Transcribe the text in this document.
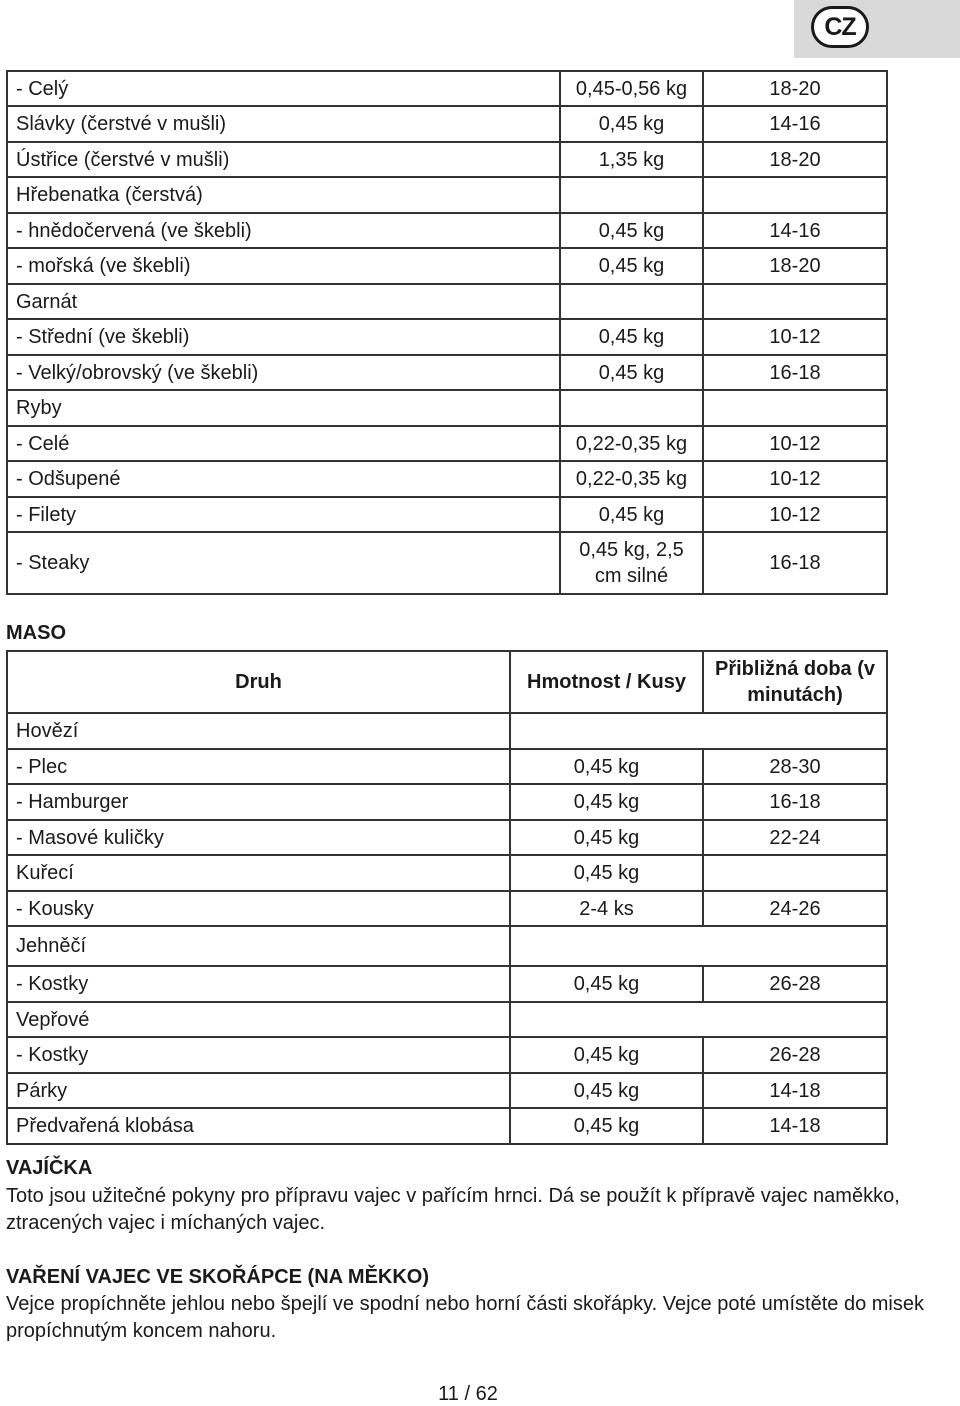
CZ
- Celý	0,45-0,56 kg	18-20
Slávky (čerstvé v mušli)	0,45 kg	14-16
Ústřice (čerstvé v mušli)	1,35 kg	18-20
Hřebenatka (čerstvá)		
- hnědočervená (ve škebli)	0,45 kg	14-16
- mořská (ve škebli)	0,45 kg	18-20
Garnát		
- Střední (ve škebli)	0,45 kg	10-12
- Velký/obrovský (ve škebli)	0,45 kg	16-18
Ryby		
- Celé	0,22-0,35 kg	10-12
- Odšupené	0,22-0,35 kg	10-12
- Filety	0,45 kg	10-12
- Steaky	0,45 kg, 2,5 cm silné	16-18
MASO
Druh	Hmotnost / Kusy	Přibližná doba (v minutách)
Hovězí		
- Plec	0,45 kg	28-30
- Hamburger	0,45 kg	16-18
- Masové kuličky	0,45 kg	22-24
Kuřecí	0,45 kg	
- Kousky	2-4 ks	24-26
Jehněčí		
- Kostky	0,45 kg	26-28
Vepřové		
- Kostky	0,45 kg	26-28
Párky	0,45 kg	14-18
Předvařená klobása	0,45 kg	14-18
VAJÍČKA

Toto jsou užitečné pokyny pro přípravu vajec v pařícím hrnci. Dá se použít k přípravě vajec naměkko, ztracených vajec i míchaných vajec.

VAŘENÍ VAJEC VE SKOŘÁPCE (NA MĚKKO)

Vejce propíchněte jehlou nebo špejlí ve spodní nebo horní části skořápky. Vejce poté umístěte do misek propíchnutým koncem nahoru.

11 / 62
